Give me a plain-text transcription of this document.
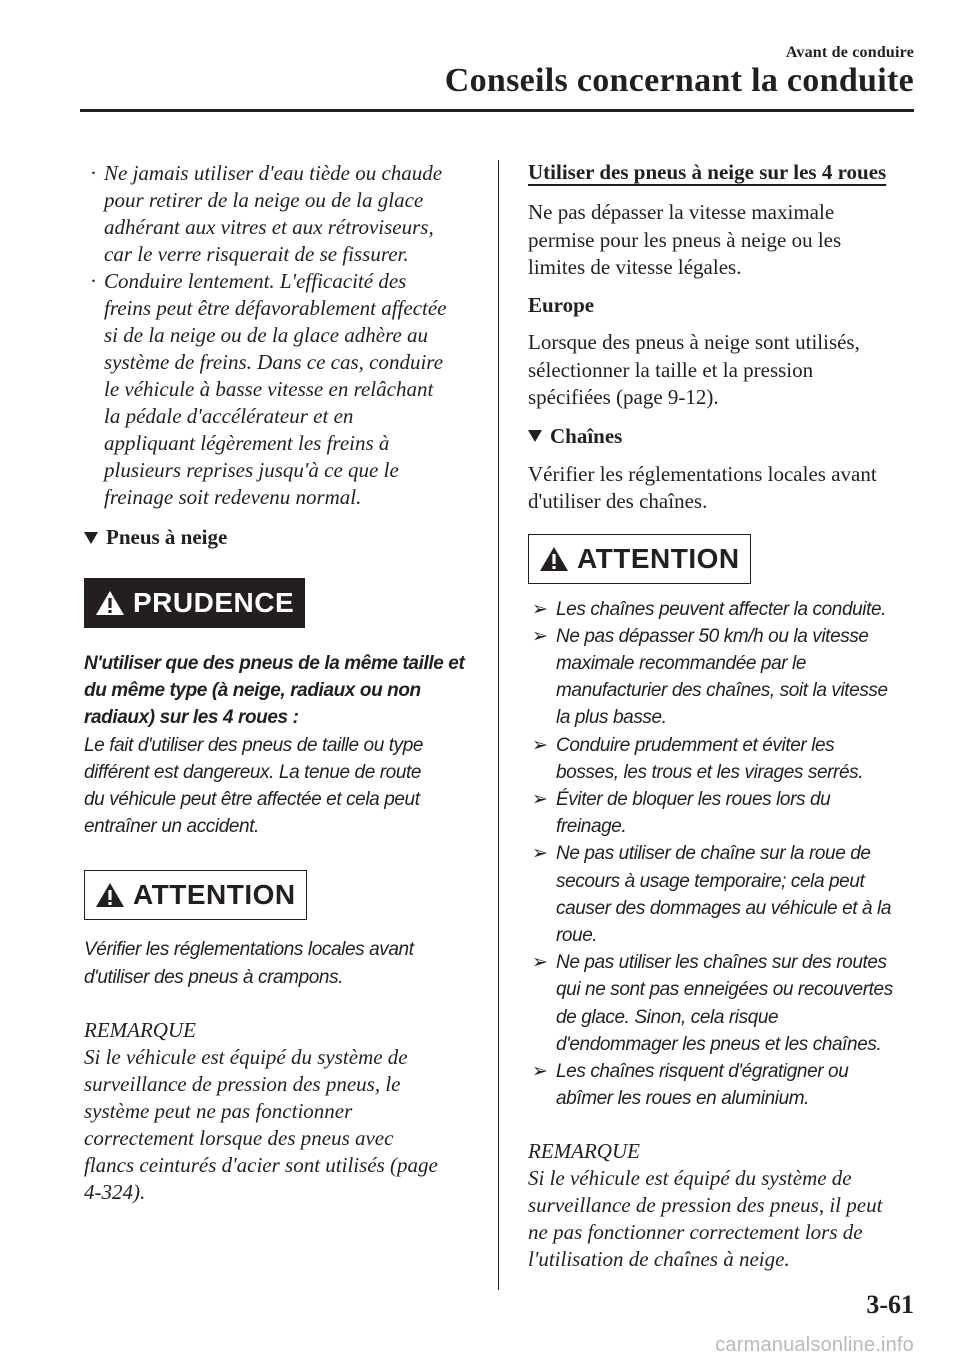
Avant de conduire
Conseils concernant la conduite
· Ne jamais utiliser d'eau tiède ou chaude
pour retirer de la neige ou de la glace
adhérant aux vitres et aux rétroviseurs,
car le verre risquerait de se fissurer.
· Conduire lentement. L'efficacité des
freins peut être défavorablement affectée
si de la neige ou de la glace adhère au
système de freins. Dans ce cas, conduire
le véhicule à basse vitesse en relâchant
la pédale d'accélérateur et en
appliquant légèrement les freins à
plusieurs reprises jusqu'à ce que le
freinage soit redevenu normal.
Pneus à neige
PRUDENCE
N'utiliser que des pneus de la même taille et
du même type (à neige, radiaux ou non
radiaux) sur les 4 roues :
Le fait d'utiliser des pneus de taille ou type
différent est dangereux. La tenue de route
du véhicule peut être affectée et cela peut
entraîner un accident.
ATTENTION
Vérifier les réglementations locales avant
d'utiliser des pneus à crampons.
REMARQUE
Si le véhicule est équipé du système de
surveillance de pression des pneus, le
système peut ne pas fonctionner
correctement lorsque des pneus avec
flancs ceinturés d'acier sont utilisés (page
4-324).
Utiliser des pneus à neige sur les 4 roues
Ne pas dépasser la vitesse maximale
permise pour les pneus à neige ou les
limites de vitesse légales.
Europe
Lorsque des pneus à neige sont utilisés,
sélectionner la taille et la pression
spécifiées (page 9-12).
Chaînes
Vérifier les réglementations locales avant
d'utiliser des chaînes.
ATTENTION
➢ Les chaînes peuvent affecter la conduite.
➢ Ne pas dépasser 50 km/h ou la vitesse
maximale recommandée par le
manufacturier des chaînes, soit la vitesse
la plus basse.
➢ Conduire prudemment et éviter les
bosses, les trous et les virages serrés.
➢ Éviter de bloquer les roues lors du
freinage.
➢ Ne pas utiliser de chaîne sur la roue de
secours à usage temporaire; cela peut
causer des dommages au véhicule et à la
roue.
➢ Ne pas utiliser les chaînes sur des routes
qui ne sont pas enneigées ou recouvertes
de glace. Sinon, cela risque
d'endommager les pneus et les chaînes.
➢ Les chaînes risquent d'égratigner ou
abîmer les roues en aluminium.
REMARQUE
Si le véhicule est équipé du système de
surveillance de pression des pneus, il peut
ne pas fonctionner correctement lors de
l'utilisation de chaînes à neige.
3-61
carmanualsonline.info
